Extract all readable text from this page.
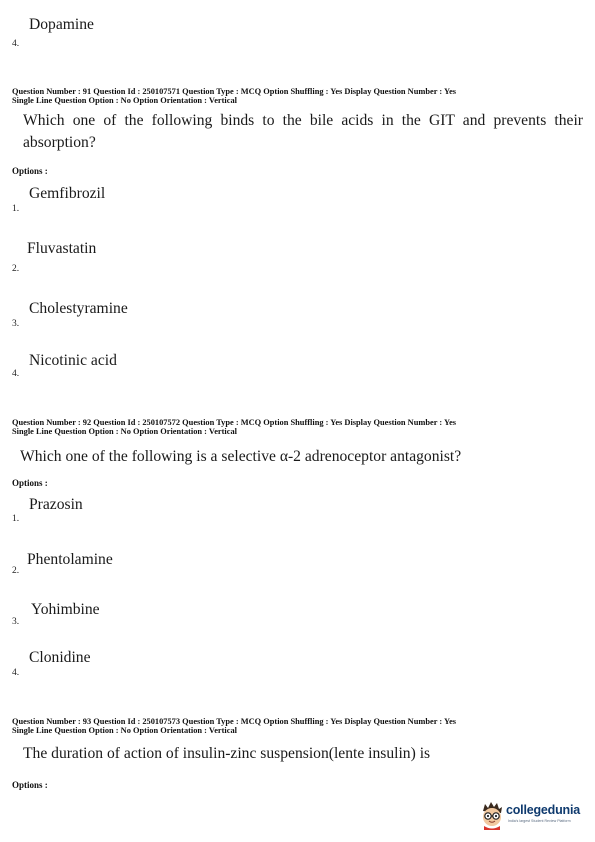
Dopamine
4.
Question Number : 91 Question Id : 250107571 Question Type : MCQ Option Shuffling : Yes Display Question Number : Yes
Single Line Question Option : No Option Orientation : Vertical
Which one of the following binds to the bile acids in the GIT and prevents their
absorption?
Options :
Gemfibrozil
1.
Fluvastatin
2.
Cholestyramine
3.
Nicotinic acid
4.
Question Number : 92 Question Id : 250107572 Question Type : MCQ Option Shuffling : Yes Display Question Number : Yes
Single Line Question Option : No Option Orientation : Vertical
Which one of the following is a selective α-2 adrenoceptor antagonist?
Options :
Prazosin
1.
Phentolamine
2.
Yohimbine
3.
Clonidine
4.
Question Number : 93 Question Id : 250107573 Question Type : MCQ Option Shuffling : Yes Display Question Number : Yes
Single Line Question Option : No Option Orientation : Vertical
The duration of action of insulin-zinc suspension(lente insulin) is
Options :
collegedunia
India's largest Student Review Platform
